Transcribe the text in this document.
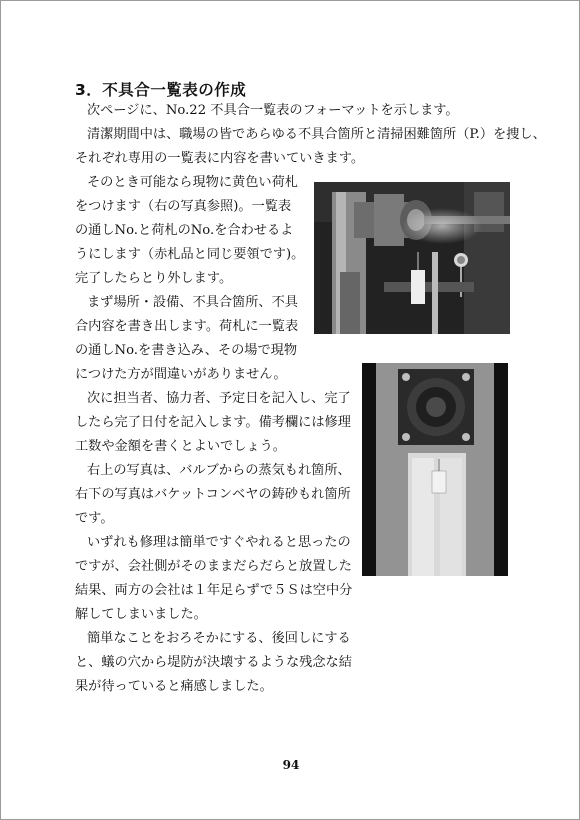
3．不具合一覧表の作成
次ページに、No.22 不具合一覧表のフォーマットを示します。
清潔期間中は、職場の皆であらゆる不具合箇所と清掃困難箇所（P.）を捜し、
それぞれ専用の一覧表に内容を書いていきます。
そのとき可能なら現物に黄色い荷札
をつけます（右の写真参照)。一覧表
の通しNo.と荷札のNo.を合わせるよ
うにします（赤札品と同じ要領です)。
完了したらとり外します。
まず場所・設備、不具合箇所、不具
合内容を書き出します。荷札に一覧表
の通しNo.を書き込み、その場で現物
につけた方が間違いがありません。
次に担当者、協力者、予定日を記入し、完了
したら完了日付を記入します。備考欄には修理
工数や金額を書くとよいでしょう。
右上の写真は、バルブからの蒸気もれ箇所、
右下の写真はバケットコンベヤの鋳砂もれ箇所
です。
いずれも修理は簡単ですぐやれると思ったの
ですが、会社側がそのままだらだらと放置した
結果、両方の会社は１年足らずで５Ｓは空中分
解してしまいました。
簡単なことをおろそかにする、後回しにする
と、蟻の穴から堤防が決壊するような残念な結
果が待っていると痛感しました。
94
